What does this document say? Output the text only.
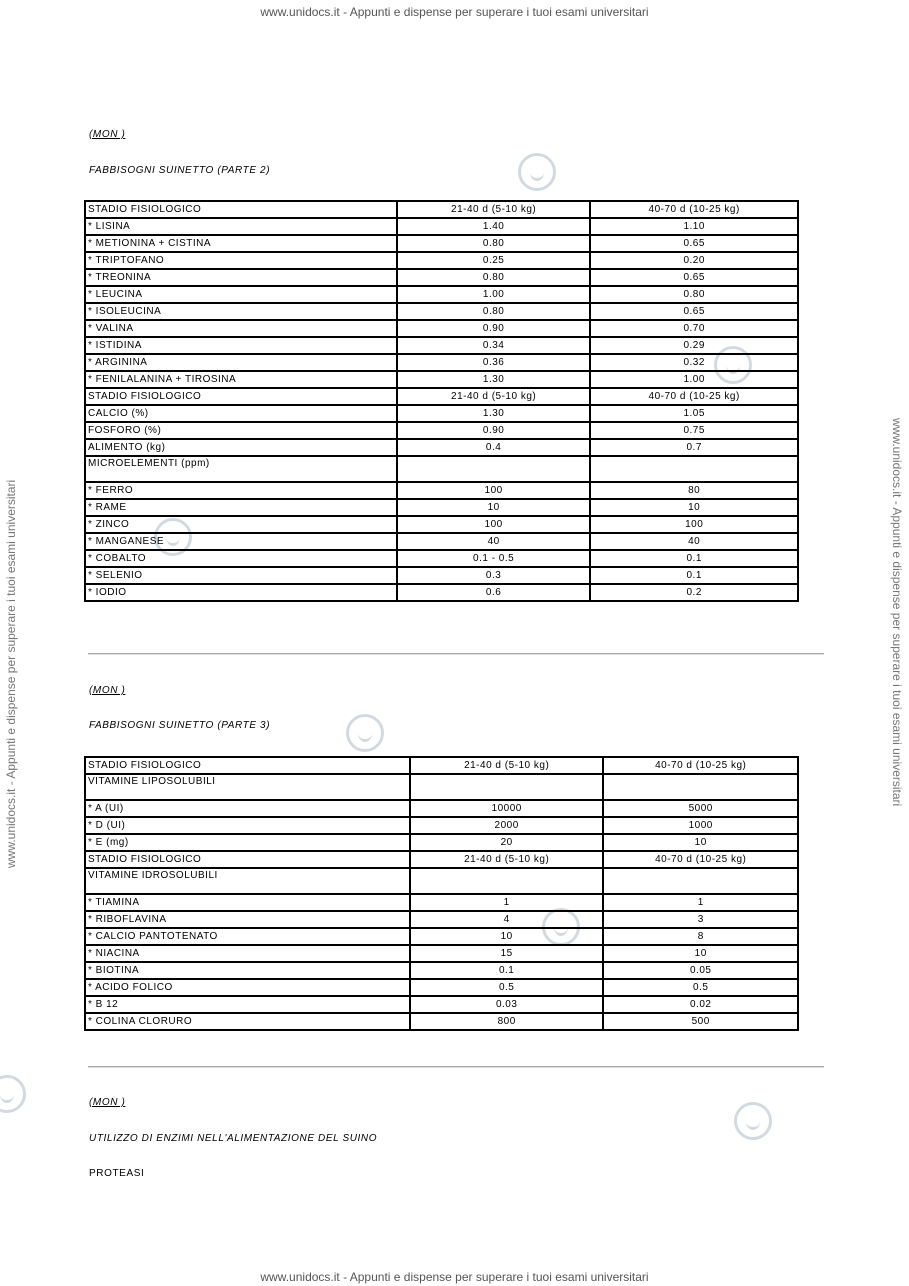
www.unidocs.it - Appunti e dispense per superare i tuoi esami universitari
www.unidocs.it - Appunti e dispense per superare i tuoi esami universitari
www.unidocs.it - Appunti e dispense per superare i tuoi esami universitari	www.unidocs.it - Appunti e dispense per superare i tuoi esami universitari
(MON )
FABBISOGNI SUINETTO (PARTE 2)
STADIO FISIOLOGICO	21-40 d (5-10 kg)	40-70 d (10-25 kg)
* LISINA	1.40	1.10
* METIONINA + CISTINA	0.80	0.65
* TRIPTOFANO	0.25	0.20
* TREONINA	0.80	0.65
* LEUCINA	1.00	0.80
* ISOLEUCINA	0.80	0.65
* VALINA	0.90	0.70
* ISTIDINA	0.34	0.29
* ARGININA	0.36	0.32
* FENILALANINA + TIROSINA	1.30	1.00
STADIO FISIOLOGICO	21-40 d (5-10 kg)	40-70 d (10-25 kg)
CALCIO (%)	1.30	1.05
FOSFORO (%)	0.90	0.75
ALIMENTO (kg)	0.4	0.7
MICROELEMENTI (ppm)		
* FERRO	100	80
* RAME	10	10
* ZINCO	100	100
* MANGANESE	40	40
* COBALTO	0.1 - 0.5	0.1
* SELENIO	0.3	0.1
* IODIO	0.6	0.2
(MON )
FABBISOGNI SUINETTO (PARTE 3)
STADIO FISIOLOGICO	21-40 d (5-10 kg)	40-70 d (10-25 kg)
VITAMINE LIPOSOLUBILI		
* A (UI)	10000	5000
* D (UI)	2000	1000
* E (mg)	20	10
STADIO FISIOLOGICO	21-40 d (5-10 kg)	40-70 d (10-25 kg)
VITAMINE IDROSOLUBILI		
* TIAMINA	1	1
* RIBOFLAVINA	4	3
* CALCIO PANTOTENATO	10	8
* NIACINA	15	10
* BIOTINA	0.1	0.05
* ACIDO FOLICO	0.5	0.5
* B 12	0.03	0.02
* COLINA CLORURO	800	500
(MON )
UTILIZZO DI ENZIMI NELL'ALIMENTAZIONE DEL SUINO
PROTEASI
